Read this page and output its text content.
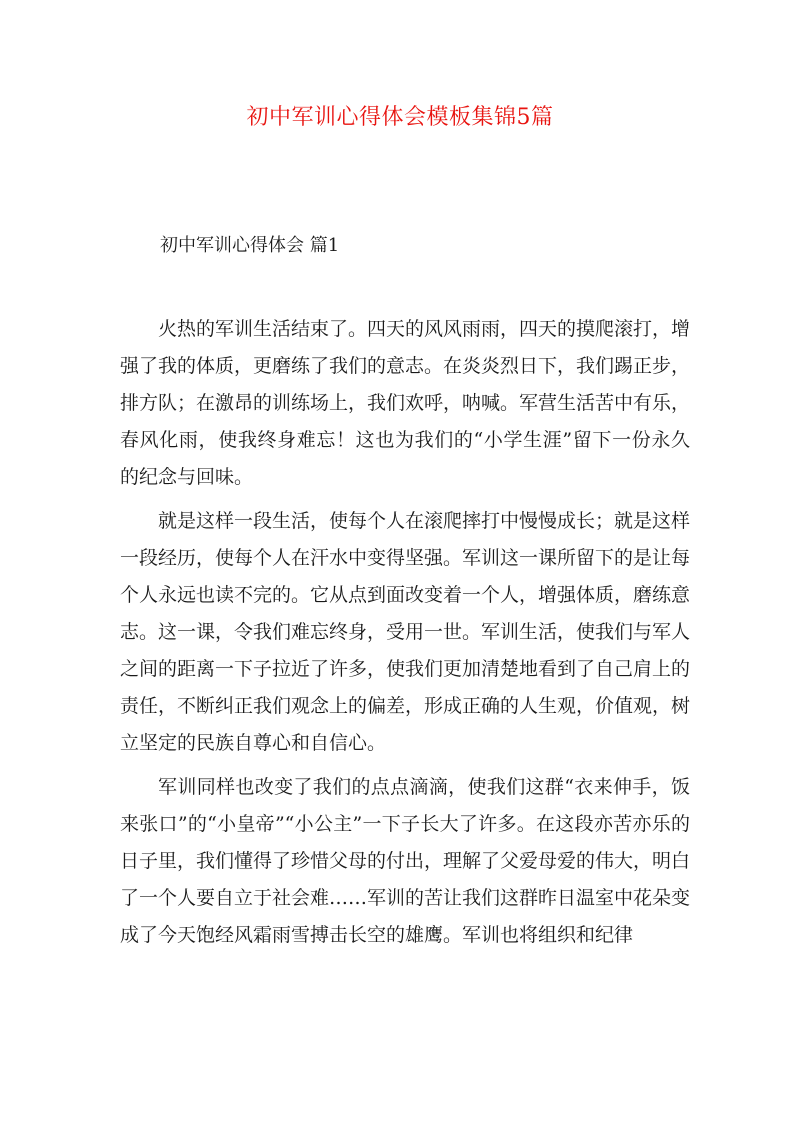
初中军训心得体会模板集锦5篇
初中军训心得体会 篇1

火热的军训生活结束了。四天的风风雨雨，四天的摸爬滚打，增强了我的体质，更磨练了我们的意志。在炎炎烈日下，我们踢正步，排方队；在激昂的训练场上，我们欢呼，呐喊。军营生活苦中有乐，春风化雨，使我终身难忘！这也为我们的“小学生涯”留下一份永久的纪念与回味。

就是这样一段生活，使每个人在滚爬摔打中慢慢成长；就是这样一段经历，使每个人在汗水中变得坚强。军训这一课所留下的是让每个人永远也读不完的。它从点到面改变着一个人，增强体质，磨练意志。这一课，令我们难忘终身，受用一世。军训生活，使我们与军人之间的距离一下子拉近了许多，使我们更加清楚地看到了自己肩上的责任，不断纠正我们观念上的偏差，形成正确的人生观，价值观，树立坚定的民族自尊心和自信心。

军训同样也改变了我们的点点滴滴，使我们这群“衣来伸手，饭来张口”的“小皇帝”“小公主”一下子长大了许多。在这段亦苦亦乐的日子里，我们懂得了珍惜父母的付出，理解了父爱母爱的伟大，明白了一个人要自立于社会难……军训的苦让我们这群昨日温室中花朵变成了今天饱经风霜雨雪搏击长空的雄鹰。军训也将组织和纪律
